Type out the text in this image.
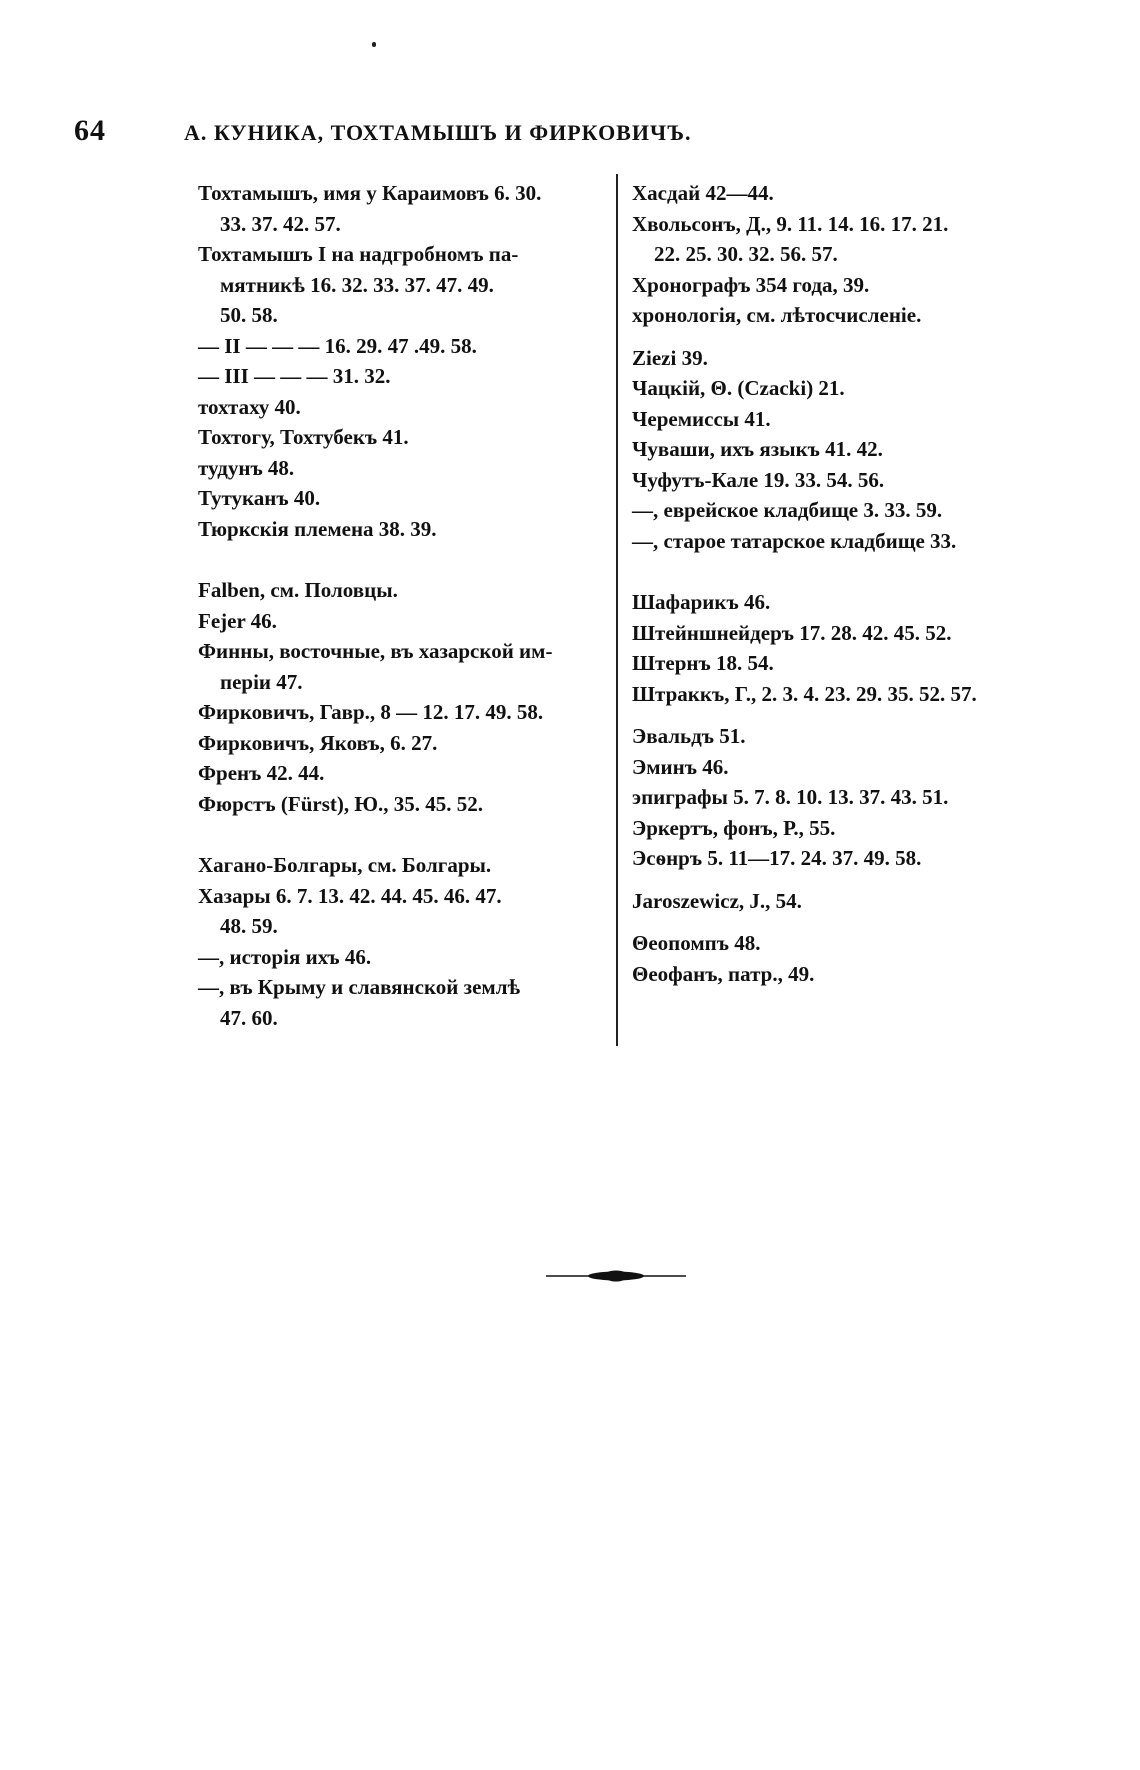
64	А. КУНИКА, ТОХТАМЫШЪ И ФИРКОВИЧЪ.
Тохтамышъ, имя у Караимовъ 6. 30.

33. 37. 42. 57.
Тохтамышъ I на надгробномъ па-

мятникѣ 16. 32. 33. 37. 47. 49.
50. 58.
— II — — — 16. 29. 47 .49. 58.
— III — — — 31. 32.
тохтаху 40.
Тохтогу, Тохтубекъ 41.
тудунъ 48.
Тутуканъ 40.
Тюркскія племена 38. 39.
Falben, см. Половцы.
Fejer 46.
Финны, восточные, въ хазарской им-

періи 47.
Фирковичъ, Гавр., 8 — 12. 17. 49. 58.
Фирковичъ, Яковъ, 6. 27.
Френъ 42. 44.
Фюрстъ (Fürst), Ю., 35. 45. 52.
Хагано-Болгары, см. Болгары.
Хазары 6. 7. 13. 42. 44. 45. 46. 47.

48. 59.
—, исторія ихъ 46.
—, въ Крыму и славянской землѣ

47. 60.
Хасдай 42—44.
Хвольсонъ, Д., 9. 11. 14. 16. 17. 21.

22. 25. 30. 32. 56. 57.
Хронографъ 354 года, 39.
хронологія, см. лѣтосчисленіе.
Ziezi 39.
Чацкій, Θ. (Czacki) 21.
Черемиссы 41.
Чуваши, ихъ языкъ 41. 42.
Чуфутъ-Кале 19. 33. 54. 56.
—, еврейское кладбище 3. 33. 59.
—, старое татарское кладбище 33.
Шафарикъ 46.
Штейншнейдеръ 17. 28. 42. 45. 52.
Штернъ 18. 54.
Штраккъ, Г., 2. 3. 4. 23. 29. 35. 52. 57.
Эвальдъ 51.
Эминъ 46.
эпиграфы 5. 7. 8. 10. 13. 37. 43. 51.
Эркертъ, фонъ, Р., 55.
Эсѳнръ 5. 11—17. 24. 37. 49. 58.
Jaroszewicz, J., 54.
Θеопомпъ 48.
Θеофанъ, патр., 49.
